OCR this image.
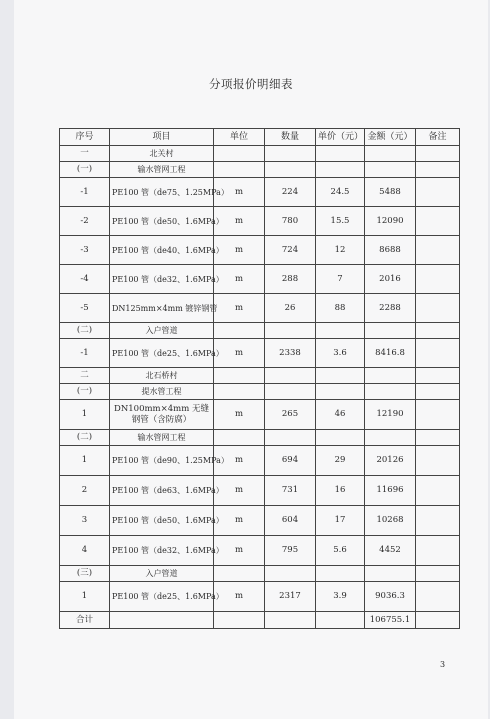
分项报价明细表
序号	项目	单位	数量	单价（元）	金额（元）	备注
一	北关村					
(一)	输水管网工程					
-1	PE100 管（de75、1.25MPa）	m	224	24.5	5488	
-2	PE100 管（de50、1.6MPa）	m	780	15.5	12090	
-3	PE100 管（de40、1.6MPa）	m	724	12	8688	
-4	PE100 管（de32、1.6MPa）	m	288	7	2016	
-5	DN125mm×4mm 镀锌钢管	m	26	88	2288	
(二)	入户管道					
-1	PE100 管（de25、1.6MPa）	m	2338	3.6	8416.8	
二	北石桥村					
(一)	提水管工程					
1	DN100mm×4mm 无缝钢管（含防腐）	m	265	46	12190	
(二)	输水管网工程					
1	PE100 管（de90、1.25MPa）	m	694	29	20126	
2	PE100 管（de63、1.6MPa）	m	731	16	11696	
3	PE100 管（de50、1.6MPa）	m	604	17	10268	
4	PE100 管（de32、1.6MPa）	m	795	5.6	4452	
(三)	入户管道					
1	PE100 管（de25、1.6MPa）	m	2317	3.9	9036.3	
合计					106755.1	
3
